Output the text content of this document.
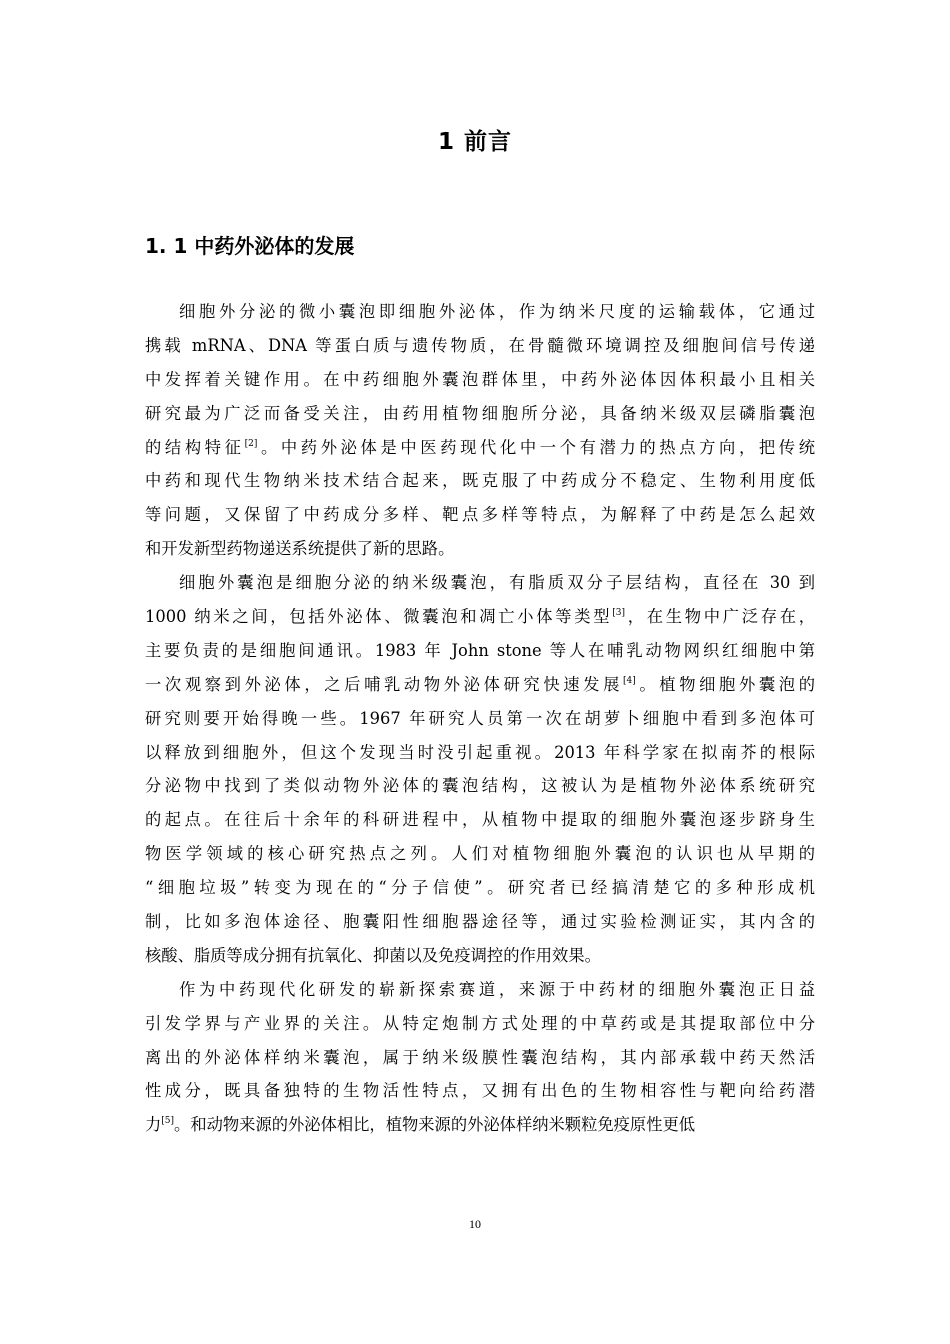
1 前言
1. 1 中药外泌体的发展
细胞外分泌的微小囊泡即细胞外泌体，作为纳米尺度的运输载体，它通过
携载 mRNA、DNA 等蛋白质与遗传物质，在骨髓微环境调控及细胞间信号传递
中发挥着关键作用。在中药细胞外囊泡群体里，中药外泌体因体积最小且相关
研究最为广泛而备受关注，由药用植物细胞所分泌，具备纳米级双层磷脂囊泡
的结构特征[2]。中药外泌体是中医药现代化中一个有潜力的热点方向，把传统
中药和现代生物纳米技术结合起来，既克服了中药成分不稳定、生物利用度低
等问题，又保留了中药成分多样、靶点多样等特点，为解释了中药是怎么起效
和开发新型药物递送系统提供了新的思路。
细胞外囊泡是细胞分泌的纳米级囊泡，有脂质双分子层结构，直径在 30 到
1000 纳米之间，包括外泌体、微囊泡和凋亡小体等类型[3]，在生物中广泛存在，
主要负责的是细胞间通讯。1983 年 John stone 等人在哺乳动物网织红细胞中第
一次观察到外泌体，之后哺乳动物外泌体研究快速发展[4]。植物细胞外囊泡的
研究则要开始得晚一些。1967 年研究人员第一次在胡萝卜细胞中看到多泡体可
以释放到细胞外，但这个发现当时没引起重视。2013 年科学家在拟南芥的根际
分泌物中找到了类似动物外泌体的囊泡结构，这被认为是植物外泌体系统研究
的起点。在往后十余年的科研进程中，从植物中提取的细胞外囊泡逐步跻身生
物医学领域的核心研究热点之列。人们对植物细胞外囊泡的认识也从早期的
“细胞垃圾”转变为现在的“分子信使”。研究者已经搞清楚它的多种形成机
制，比如多泡体途径、胞囊阳性细胞器途径等，通过实验检测证实，其内含的
核酸、脂质等成分拥有抗氧化、抑菌以及免疫调控的作用效果。
作为中药现代化研发的崭新探索赛道，来源于中药材的细胞外囊泡正日益
引发学界与产业界的关注。从特定炮制方式处理的中草药或是其提取部位中分
离出的外泌体样纳米囊泡，属于纳米级膜性囊泡结构，其内部承载中药天然活
性成分，既具备独特的生物活性特点，又拥有出色的生物相容性与靶向给药潜
力[5]。和动物来源的外泌体相比，植物来源的外泌体样纳米颗粒免疫原性更低
10
